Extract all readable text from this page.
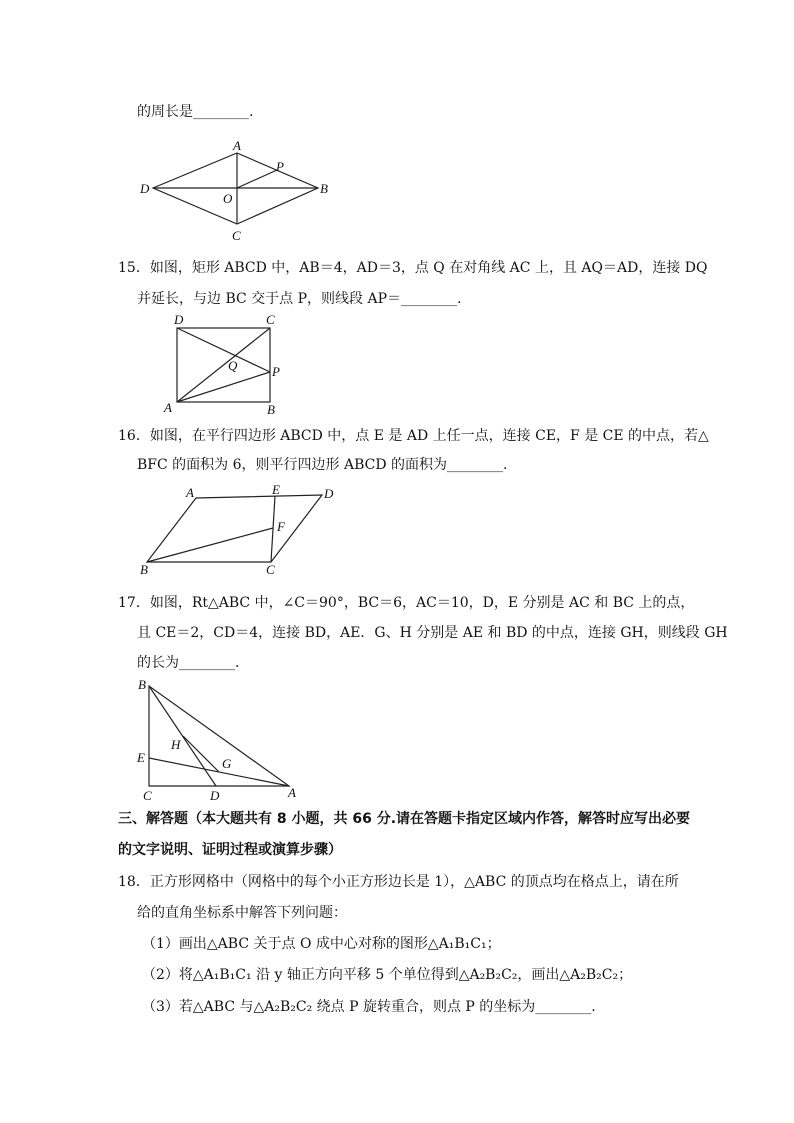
的周长是________.
A
P
D	B
O
C
15．如图，矩形 ABCD 中，AB＝4，AD＝3，点 Q 在对角线 AC 上，且 AQ＝AD，连接 DQ
并延长，与边 BC 交于点 P，则线段 AP＝________.
D	C
Q	P
A	B
16．如图，在平行四边形 ABCD 中，点 E 是 AD 上任一点，连接 CE，F 是 CE 的中点，若△
BFC 的面积为 6，则平行四边形 ABCD 的面积为________.
A	E	D
F
B	C
17．如图，Rt△ABC 中，∠C＝90°，BC＝6，AC＝10，D，E 分别是 AC 和 BC 上的点，
且 CE＝2，CD＝4，连接 BD，AE．G、H 分别是 AE 和 BD 的中点，连接 GH，则线段 GH
的长为________.
B
H
E	G
D
C	A
三、解答题（本大题共有 8 小题，共 66 分.请在答题卡指定区域内作答，解答时应写出必要
的文字说明、证明过程或演算步骤）
18．正方形网格中（网格中的每个小正方形边长是 1），△ABC 的顶点均在格点上，请在所
给的直角坐标系中解答下列问题：
（1）画出△ABC 关于点 O 成中心对称的图形△A₁B₁C₁；
（2）将△A₁B₁C₁ 沿 y 轴正方向平移 5 个单位得到△A₂B₂C₂，画出△A₂B₂C₂；
（3）若△ABC 与△A₂B₂C₂ 绕点 P 旋转重合，则点 P 的坐标为________.
